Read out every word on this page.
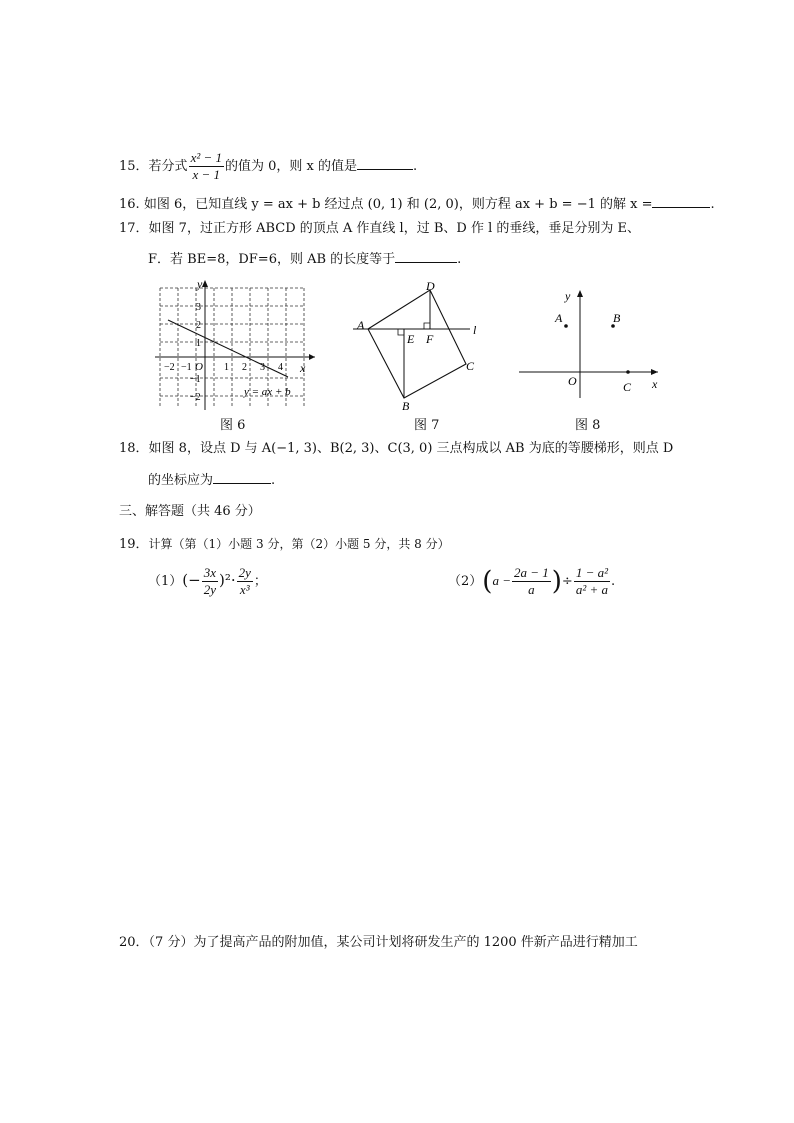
15．若分式 $\frac{\text{x² − 1}}{x - 1}$ 的值为 0，则 x 的值是	.
16. 如图 6，已知直线 y = ax + b 经过点 (0, 1) 和 (2, 0)，则方程 ax + b = −1 的解 x =	.
17．如图 7，过正方形 ABCD 的顶点 A 作直线 l，过 B、D 作 l 的垂线，垂足分别为 E、
F．若 BE=8，DF=6，则 AB 的长度等于	.
x
y
O
−2 −1	1 2 3 4
3
2
1
−1
−2	y = ax + b
图 6
A
D
C
B
E F
l
图 7
y
x
O
A	B
C
图 8
18．如图 8，设点 D 与 A(−1, 3)、B(2, 3)、C(3, 0) 三点构成以 AB 为底的等腰梯形，则点 D
的坐标应为	.
三、解答题（共 46 分）
19．计算（第（1）小题 3 分，第（2）小题 5 分，共 8 分）
$(1)(- \frac{3x}{2y} )^2\cdot \frac{2y}{\text{x³}}$ ；	$(2)(a - \frac{2a - 1}{a}$ )÷ $\frac{\text{1 − a²}}{\text{a² + a}}$ .
20．（7 分）为了提高产品的附加值，某公司计划将研发生产的 1200 件新产品进行精加工
